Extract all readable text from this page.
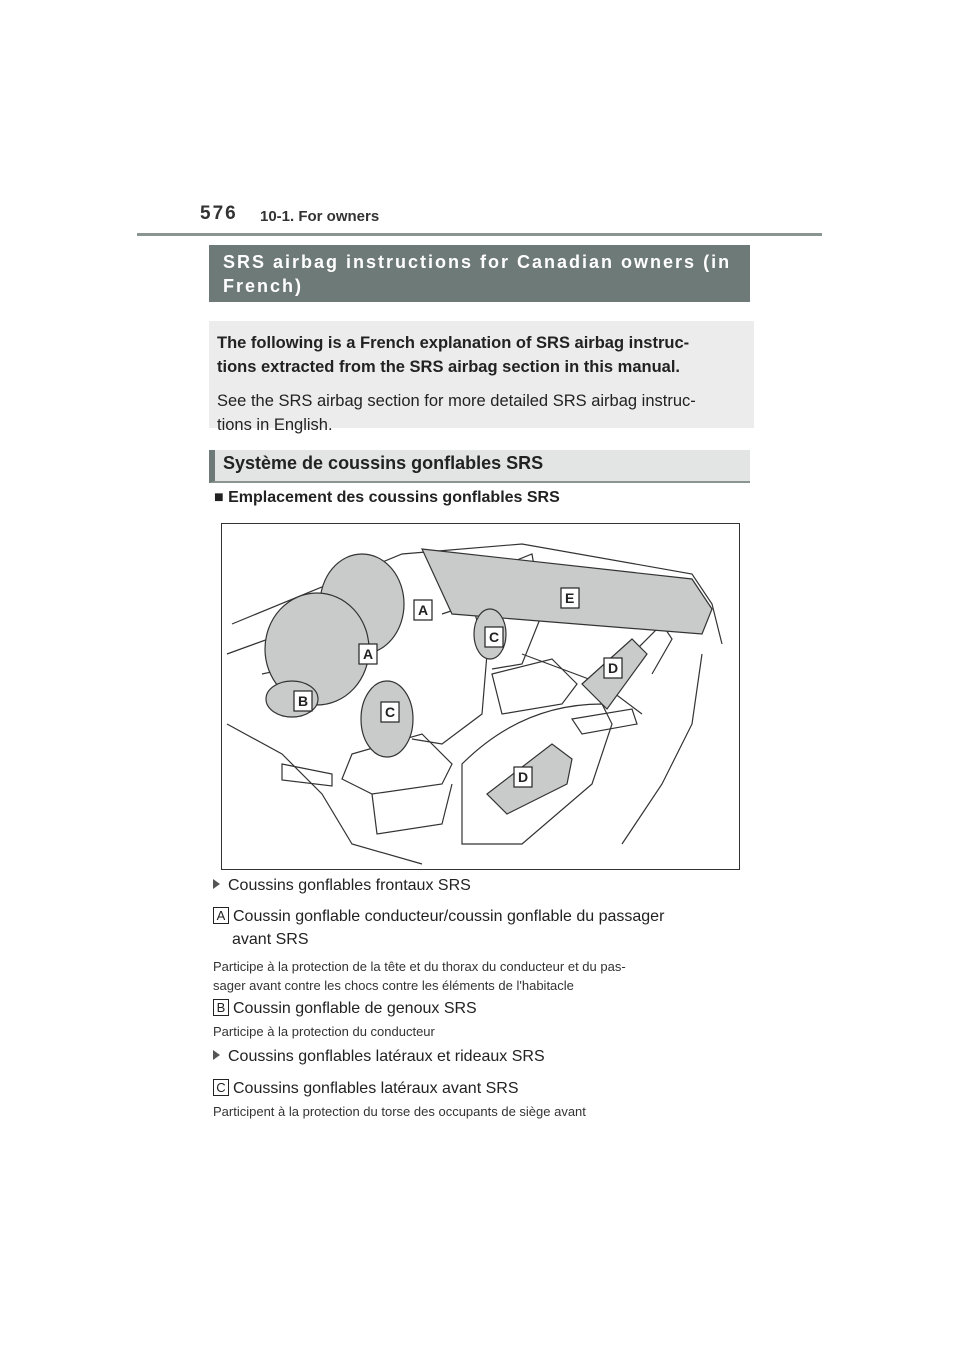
576 10-1. For owners
SRS airbag instructions for Canadian owners (in
French)

The following is a French explanation of SRS airbag instruc-
tions extracted from the SRS airbag section in this manual.

See the SRS airbag section for more detailed SRS airbag instruc-
tions in English.

Système de coussins gonflables SRS
■ Emplacement des coussins gonflables SRS
A
A
B
C
C
D
D
E
Coussins gonflables frontaux SRS
A Coussin gonflable conducteur/coussin gonflable du passager
avant SRS
Participe à la protection de la tête et du thorax du conducteur et du pas-
sager avant contre les chocs contre les éléments de l'habitacle
B Coussin gonflable de genoux SRS
Participe à la protection du conducteur
Coussins gonflables latéraux et rideaux SRS
C Coussins gonflables latéraux avant SRS
Participent à la protection du torse des occupants de siège avant
